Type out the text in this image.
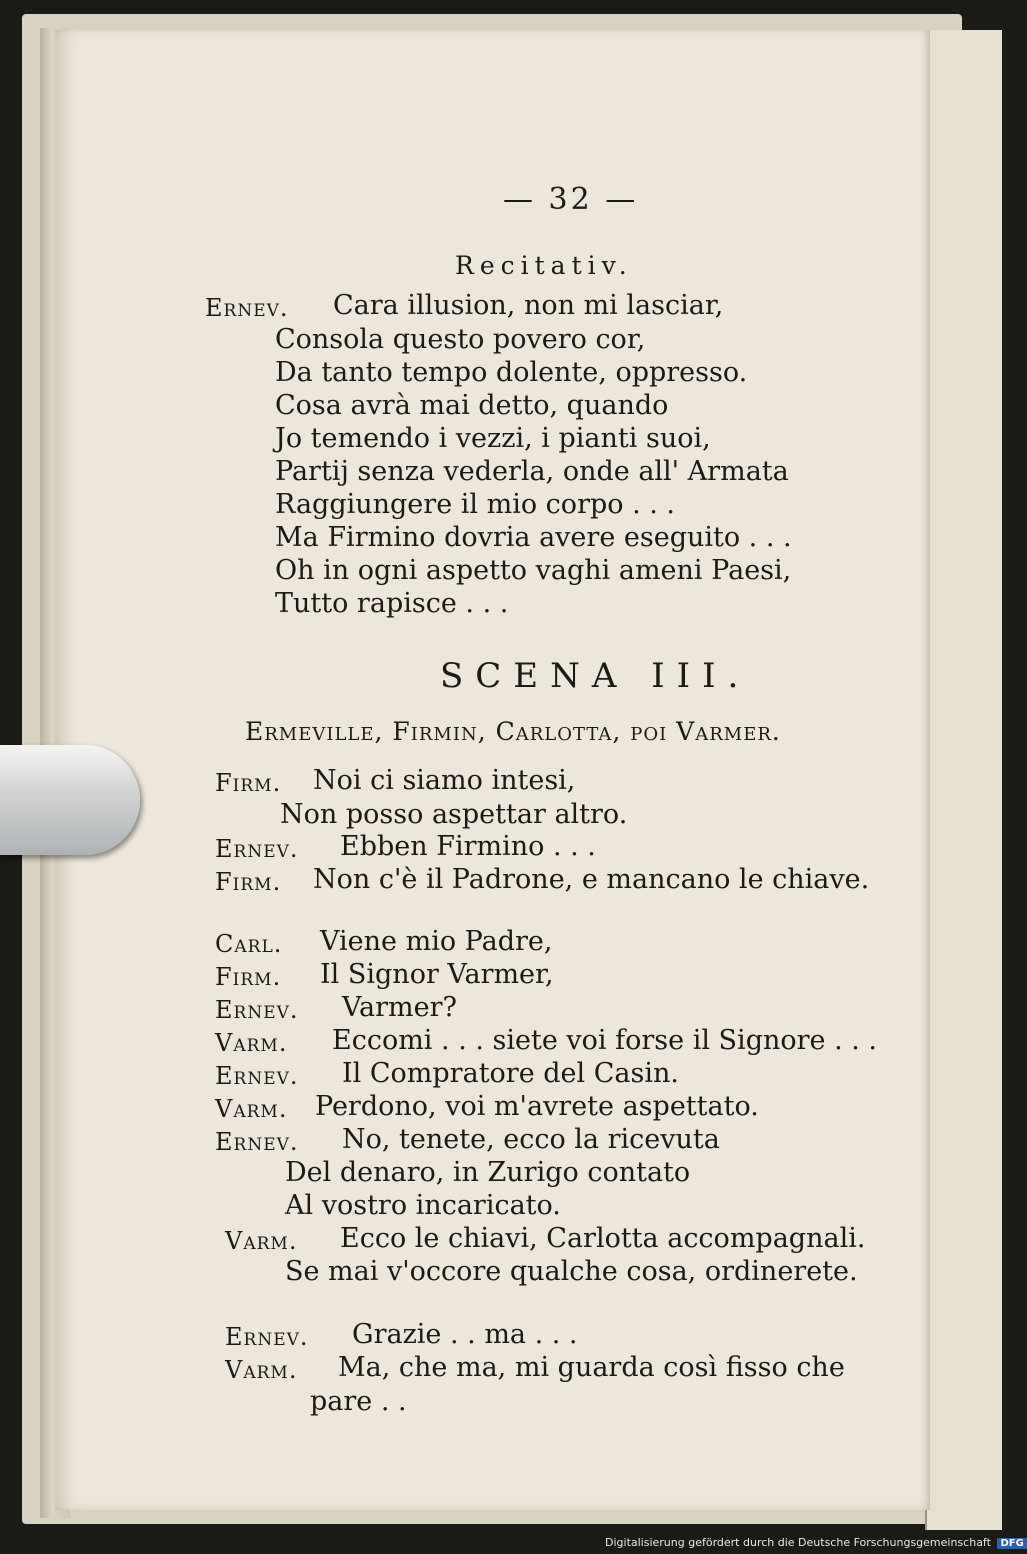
— 32 —
Recitativ.
Ernev. Cara illusion, non mi lasciar,
Consola questo povero cor,
Da tanto tempo dolente, oppresso.
Cosa avrà mai detto, quando
Jo temendo i vezzi, i pianti suoi,
Partij senza vederla, onde all' Armata
Raggiungere il mio corpo . . .
Ma Firmino dovria avere eseguito . . .
Oh in ogni aspetto vaghi ameni Paesi,
Tutto rapisce . . .
SCENA III.
Ermeville, Firmin, Carlotta, poi Varmer.
Firm. Noi ci siamo intesi,
Non posso aspettar altro.
Ernev. Ebben Firmino . . .
Firm. Non c'è il Padrone, e mancano le chiave.
Carl. Viene mio Padre,
Firm. Il Signor Varmer,
Ernev. Varmer?
Varm. Eccomi . . . siete voi forse il Signore . . .
Ernev. Il Compratore del Casin.
Varm. Perdono, voi m'avrete aspettato.
Ernev. No, tenete, ecco la ricevuta
Del denaro, in Zurigo contato
Al vostro incaricato.
Varm. Ecco le chiavi, Carlotta accompagnali.
Se mai v'occore qualche cosa, ordinerete.
Ernev. Grazie . . ma . . .
Varm. Ma, che ma, mi guarda così fisso che
pare . .
Digitalisierung gefördert durch die Deutsche Forschungsgemeinschaft DFG
